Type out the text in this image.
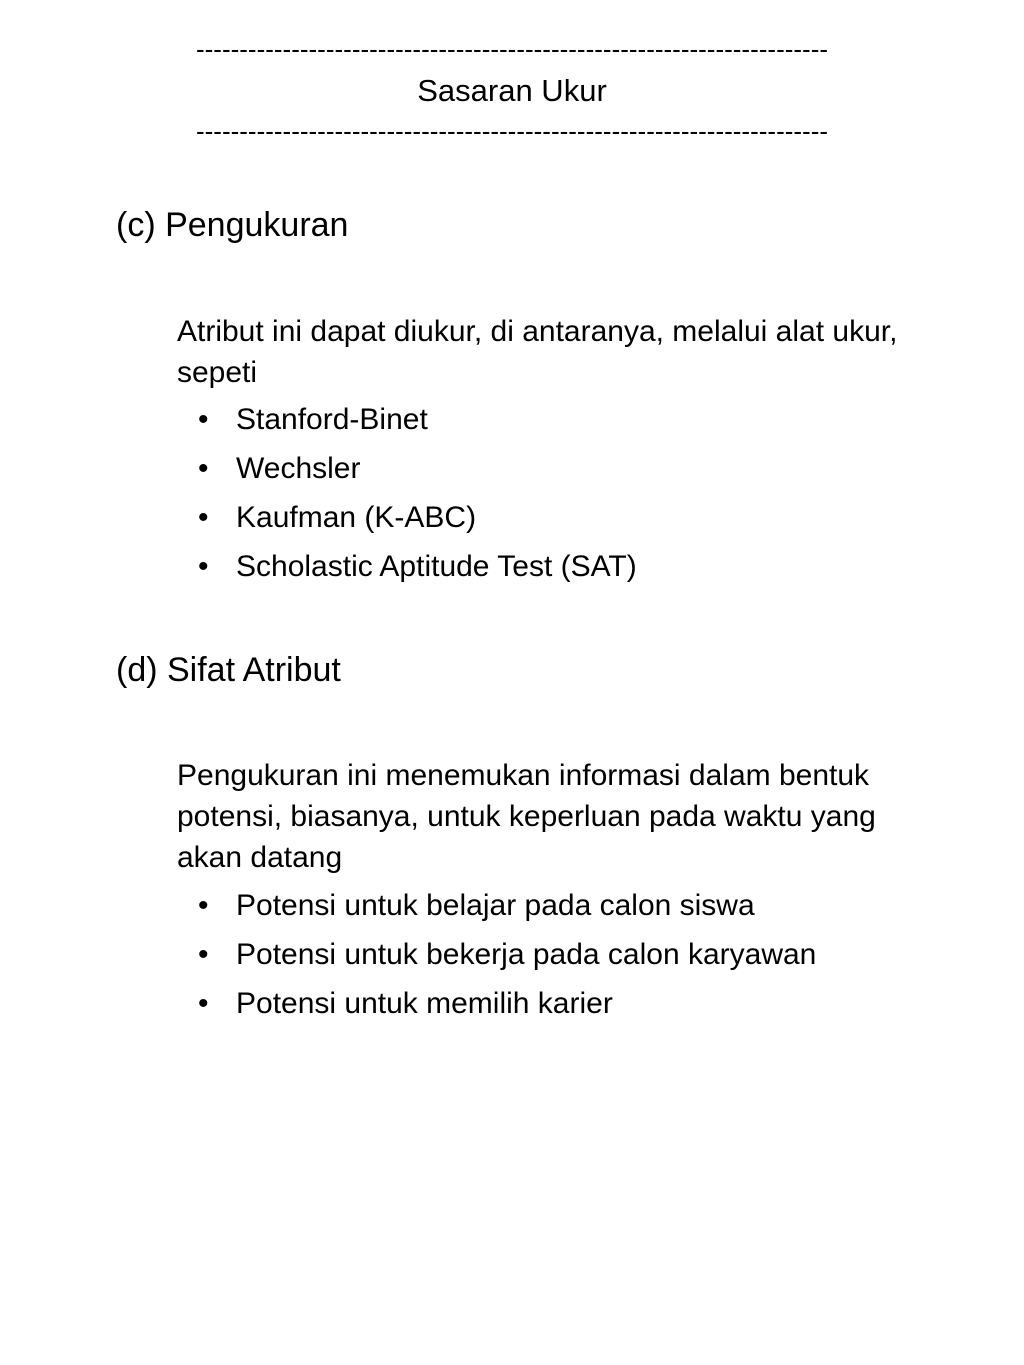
-------------------------------------------------------------------------
Sasaran Ukur
-------------------------------------------------------------------------
(c) Pengukuran
Atribut ini dapat diukur, di antaranya, melalui alat ukur, sepeti
• Stanford-Binet
• Wechsler
• Kaufman (K-ABC)
• Scholastic Aptitude Test (SAT)
(d) Sifat Atribut
Pengukuran ini menemukan informasi dalam bentuk potensi, biasanya, untuk keperluan pada waktu yang akan datang
• Potensi untuk belajar pada calon siswa
• Potensi untuk bekerja pada calon karyawan
• Potensi untuk memilih karier
